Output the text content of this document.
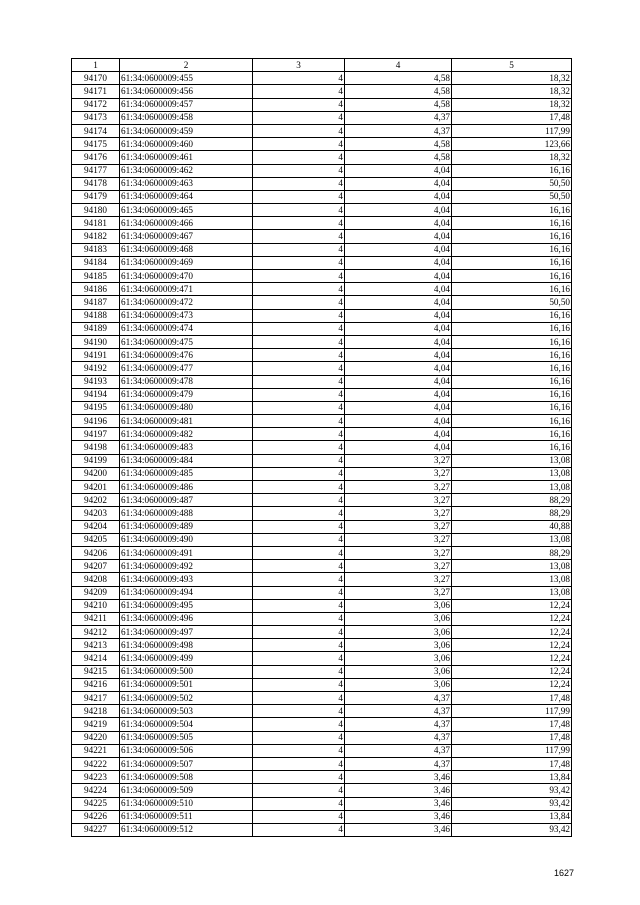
1	2	3	4	5
94170	61:34:0600009:455	4	4,58	18,32
94171	61:34:0600009:456	4	4,58	18,32
94172	61:34:0600009:457	4	4,58	18,32
94173	61:34:0600009:458	4	4,37	17,48
94174	61:34:0600009:459	4	4,37	117,99
94175	61:34:0600009:460	4	4,58	123,66
94176	61:34:0600009:461	4	4,58	18,32
94177	61:34:0600009:462	4	4,04	16,16
94178	61:34:0600009:463	4	4,04	50,50
94179	61:34:0600009:464	4	4,04	50,50
94180	61:34:0600009:465	4	4,04	16,16
94181	61:34:0600009:466	4	4,04	16,16
94182	61:34:0600009:467	4	4,04	16,16
94183	61:34:0600009:468	4	4,04	16,16
94184	61:34:0600009:469	4	4,04	16,16
94185	61:34:0600009:470	4	4,04	16,16
94186	61:34:0600009:471	4	4,04	16,16
94187	61:34:0600009:472	4	4,04	50,50
94188	61:34:0600009:473	4	4,04	16,16
94189	61:34:0600009:474	4	4,04	16,16
94190	61:34:0600009:475	4	4,04	16,16
94191	61:34:0600009:476	4	4,04	16,16
94192	61:34:0600009:477	4	4,04	16,16
94193	61:34:0600009:478	4	4,04	16,16
94194	61:34:0600009:479	4	4,04	16,16
94195	61:34:0600009:480	4	4,04	16,16
94196	61:34:0600009:481	4	4,04	16,16
94197	61:34:0600009:482	4	4,04	16,16
94198	61:34:0600009:483	4	4,04	16,16
94199	61:34:0600009:484	4	3,27	13,08
94200	61:34:0600009:485	4	3,27	13,08
94201	61:34:0600009:486	4	3,27	13,08
94202	61:34:0600009:487	4	3,27	88,29
94203	61:34:0600009:488	4	3,27	88,29
94204	61:34:0600009:489	4	3,27	40,88
94205	61:34:0600009:490	4	3,27	13,08
94206	61:34:0600009:491	4	3,27	88,29
94207	61:34:0600009:492	4	3,27	13,08
94208	61:34:0600009:493	4	3,27	13,08
94209	61:34:0600009:494	4	3,27	13,08
94210	61:34:0600009:495	4	3,06	12,24
94211	61:34:0600009:496	4	3,06	12,24
94212	61:34:0600009:497	4	3,06	12,24
94213	61:34:0600009:498	4	3,06	12,24
94214	61:34:0600009:499	4	3,06	12,24
94215	61:34:0600009:500	4	3,06	12,24
94216	61:34:0600009:501	4	3,06	12,24
94217	61:34:0600009:502	4	4,37	17,48
94218	61:34:0600009:503	4	4,37	117,99
94219	61:34:0600009:504	4	4,37	17,48
94220	61:34:0600009:505	4	4,37	17,48
94221	61:34:0600009:506	4	4,37	117,99
94222	61:34:0600009:507	4	4,37	17,48
94223	61:34:0600009:508	4	3,46	13,84
94224	61:34:0600009:509	4	3,46	93,42
94225	61:34:0600009:510	4	3,46	93,42
94226	61:34:0600009:511	4	3,46	13,84
94227	61:34:0600009:512	4	3,46	93,42
1627
